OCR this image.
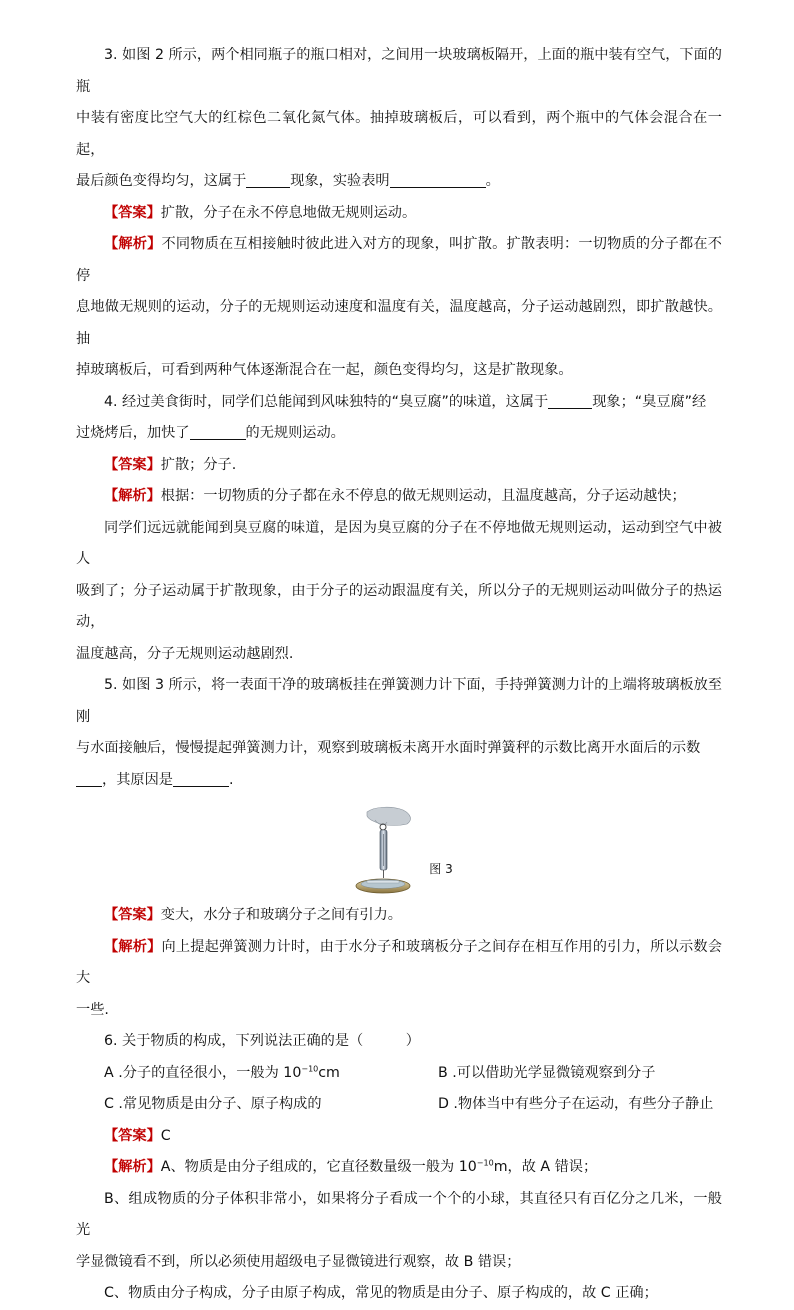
3. 如图 2 所示，两个相同瓶子的瓶口相对，之间用一块玻璃板隔开，上面的瓶中装有空气，下面的瓶

中装有密度比空气大的红棕色二氧化氮气体。抽掉玻璃板后，可以看到，两个瓶中的气体会混合在一起，

最后颜色变得均匀，这属于	现象，实验表明	。

【答案】扩散，分子在永不停息地做无规则运动。

【解析】不同物质在互相接触时彼此进入对方的现象，叫扩散。扩散表明：一切物质的分子都在不停

息地做无规则的运动，分子的无规则运动速度和温度有关，温度越高，分子运动越剧烈，即扩散越快。抽

掉玻璃板后，可看到两种气体逐渐混合在一起，颜色变得均匀，这是扩散现象。

4. 经过美食街时，同学们总能闻到风味独特的“臭豆腐”的味道，这属于	现象；“臭豆腐”经

过烧烤后，加快了	的无规则运动。

【答案】扩散；分子.

【解析】根据：一切物质的分子都在永不停息的做无规则运动，且温度越高，分子运动越快；

同学们远远就能闻到臭豆腐的味道，是因为臭豆腐的分子在不停地做无规则运动，运动到空气中被人

吸到了；分子运动属于扩散现象，由于分子的运动跟温度有关，所以分子的无规则运动叫做分子的热运动，

温度越高，分子无规则运动越剧烈.

5. 如图 3 所示，将一表面干净的玻璃板挂在弹簧测力计下面，手持弹簧测力计的上端将玻璃板放至刚

与水面接触后，慢慢提起弹簧测力计，观察到玻璃板未离开水面时弹簧秤的示数比离开水面后的示数

，其原因是	.

图 3

【答案】变大，水分子和玻璃分子之间有引力。

【解析】向上提起弹簧测力计时，由于水分子和玻璃板分子之间存在相互作用的引力，所以示数会大

一些.

6. 关于物质的构成，下列说法正确的是（　　　）

A .分子的直径很小，一般为 $10^{-10}cm$	B .可以借助光学显微镜观察到分子

C .常见物质是由分子、原子构成的	D .物体当中有些分子在运动，有些分子静止

【答案】C

【解析】A、物质是由分子组成的，它直径数量级一般为 $10^{-10}m$，故 A 错误；

B、组成物质的分子体积非常小，如果将分子看成一个个的小球，其直径只有百亿分之几米，一般光

学显微镜看不到，所以必须使用超级电子显微镜进行观察，故 B 错误；

C、物质由分子构成，分子由原子构成，常见的物质是由分子、原子构成的，故 C 正确；
